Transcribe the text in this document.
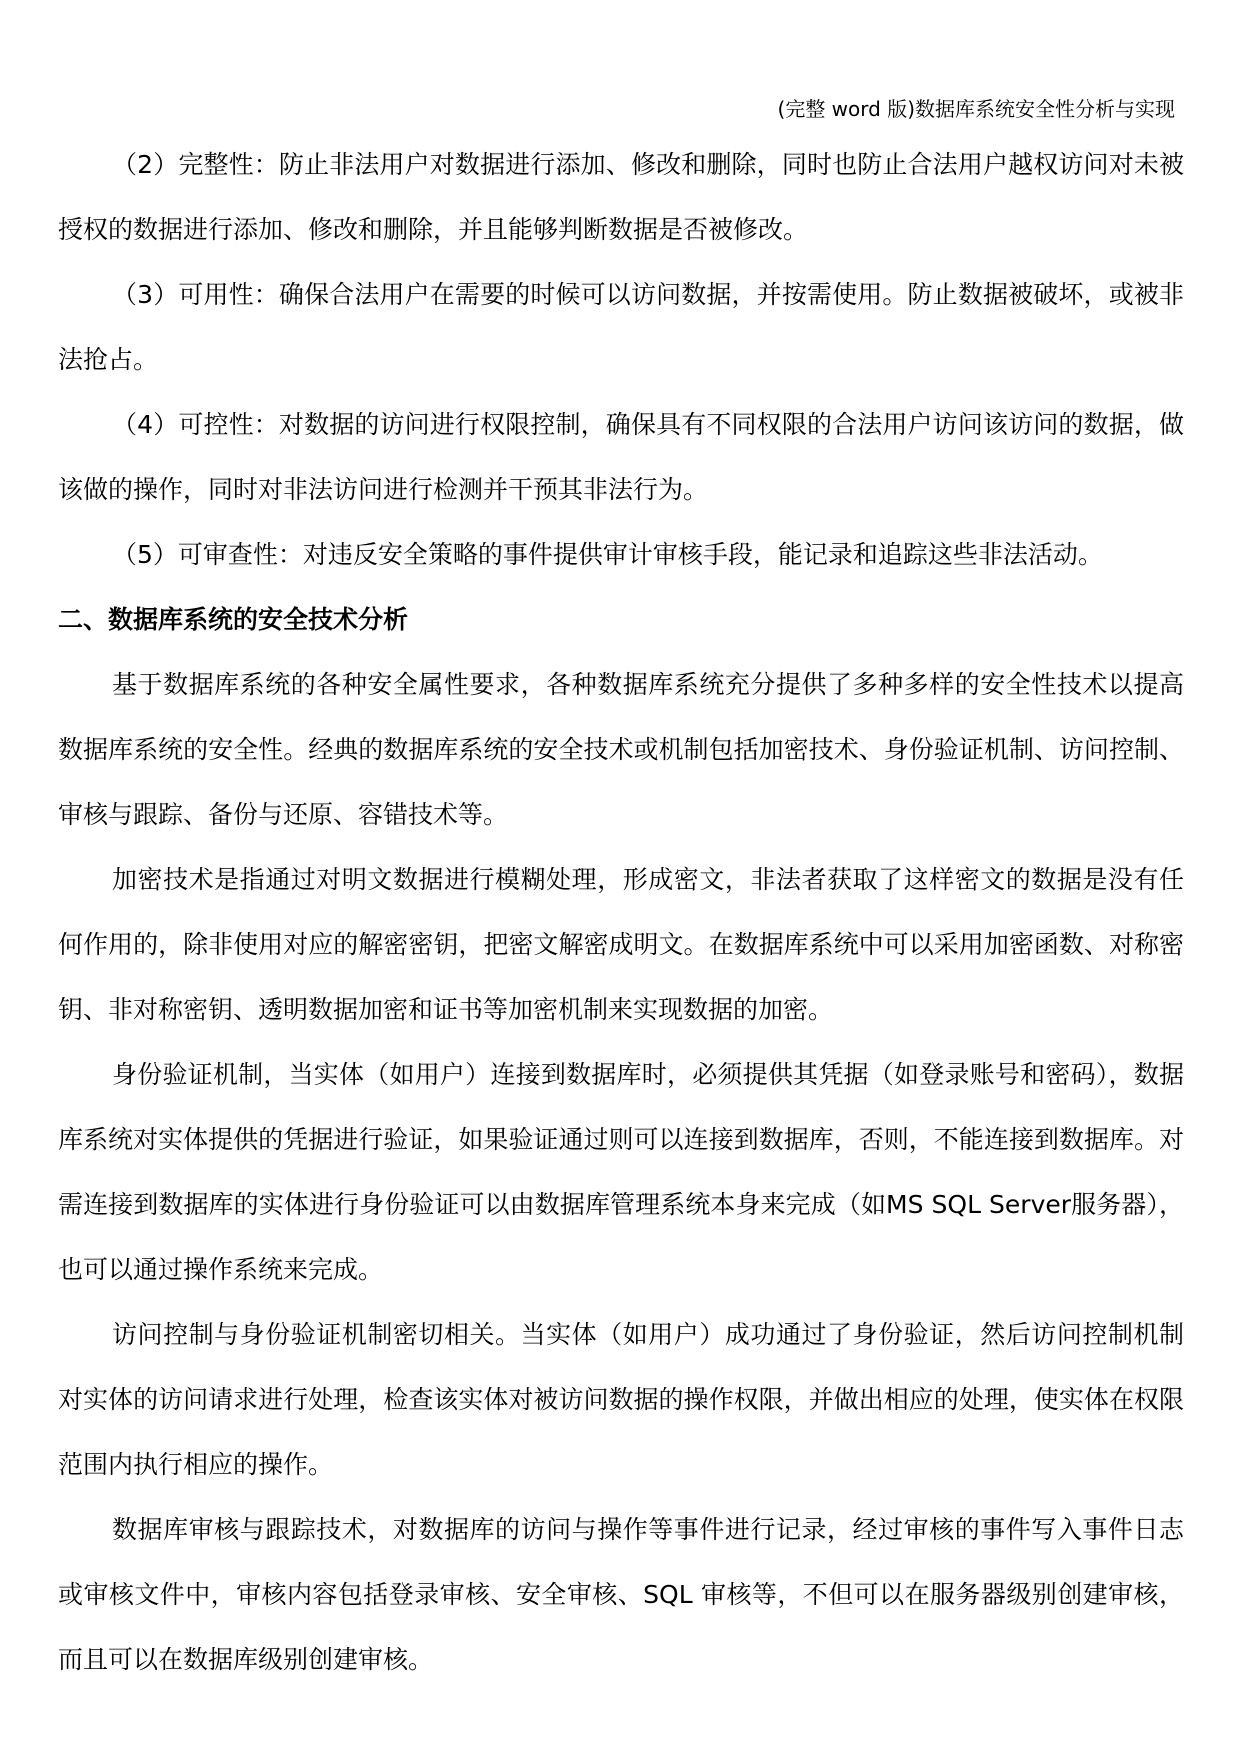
(完整 word 版)数据库系统安全性分析与实现

（2）完整性：防止非法用户对数据进行添加、修改和删除，同时也防止合法用户越权访问对未被授权的数据进行添加、修改和删除，并且能够判断数据是否被修改。

（3）可用性：确保合法用户在需要的时候可以访问数据，并按需使用。防止数据被破坏，或被非法抢占。

（4）可控性：对数据的访问进行权限控制，确保具有不同权限的合法用户访问该访问的数据，做该做的操作，同时对非法访问进行检测并干预其非法行为。

（5）可审查性：对违反安全策略的事件提供审计审核手段，能记录和追踪这些非法活动。

二、数据库系统的安全技术分析

基于数据库系统的各种安全属性要求，各种数据库系统充分提供了多种多样的安全性技术以提高数据库系统的安全性。经典的数据库系统的安全技术或机制包括加密技术、身份验证机制、访问控制、审核与跟踪、备份与还原、容错技术等。

加密技术是指通过对明文数据进行模糊处理，形成密文，非法者获取了这样密文的数据是没有任何作用的，除非使用对应的解密密钥，把密文解密成明文。在数据库系统中可以采用加密函数、对称密钥、非对称密钥、透明数据加密和证书等加密机制来实现数据的加密。

身份验证机制，当实体（如用户）连接到数据库时，必须提供其凭据（如登录账号和密码），数据库系统对实体提供的凭据进行验证，如果验证通过则可以连接到数据库，否则，不能连接到数据库。对需连接到数据库的实体进行身份验证可以由数据库管理系统本身来完成（如MS SQL Server服务器），也可以通过操作系统来完成。

访问控制与身份验证机制密切相关。当实体（如用户）成功通过了身份验证，然后访问控制机制对实体的访问请求进行处理，检查该实体对被访问数据的操作权限，并做出相应的处理，使实体在权限范围内执行相应的操作。

数据库审核与跟踪技术，对数据库的访问与操作等事件进行记录，经过审核的事件写入事件日志或审核文件中，审核内容包括登录审核、安全审核、SQL 审核等，不但可以在服务器级别创建审核，而且可以在数据库级别创建审核。
